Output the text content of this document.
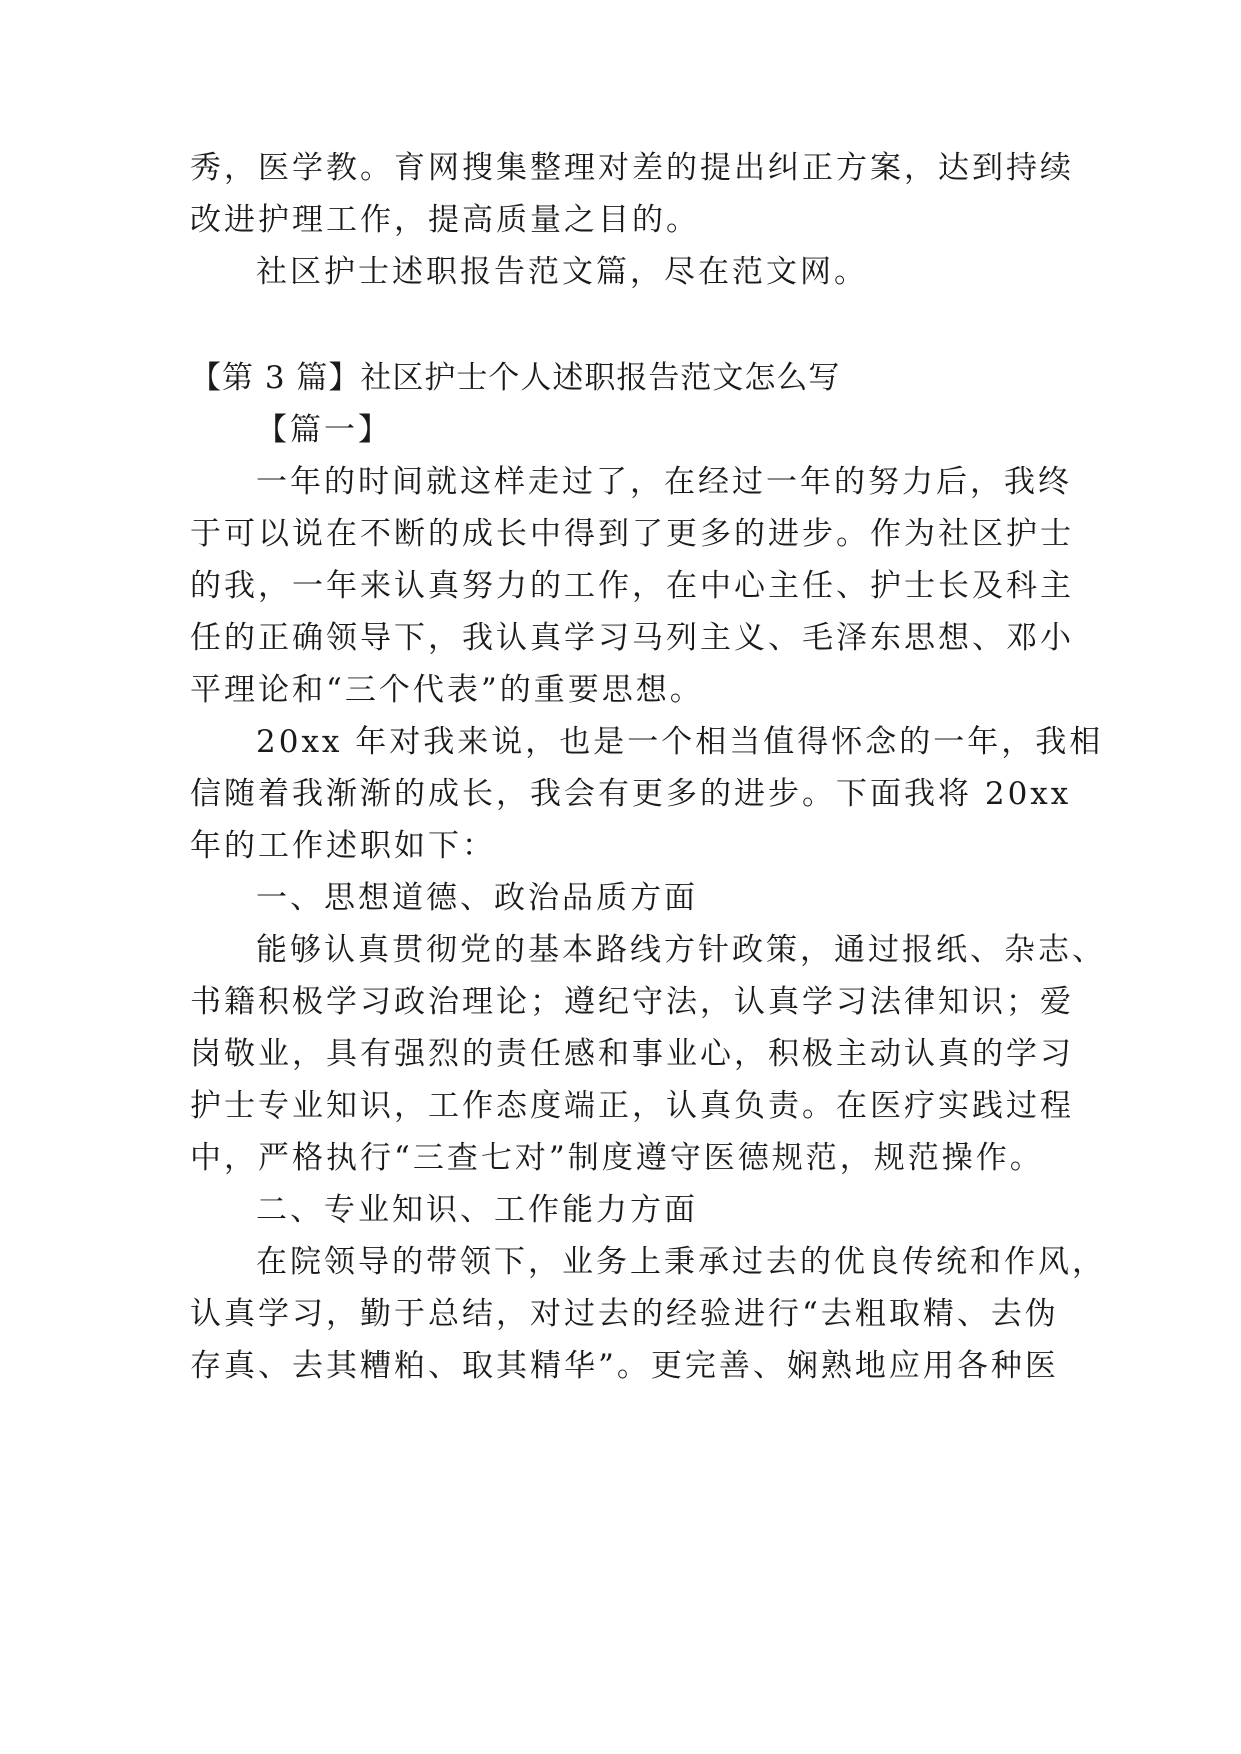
秀，医学教。育网搜集整理对差的提出纠正方案，达到持续
改进护理工作，提高质量之目的。
社区护士述职报告范文篇，尽在范文网。
【第 3 篇】社区护士个人述职报告范文怎么写
【篇一】
一年的时间就这样走过了，在经过一年的努力后，我终
于可以说在不断的成长中得到了更多的进步。作为社区护士
的我，一年来认真努力的工作，在中心主任、护士长及科主
任的正确领导下，我认真学习马列主义、毛泽东思想、邓小
平理论和“三个代表”的重要思想。
20xx 年对我来说，也是一个相当值得怀念的一年，我相
信随着我渐渐的成长，我会有更多的进步。下面我将 20xx
年的工作述职如下：
一、思想道德、政治品质方面
能够认真贯彻党的基本路线方针政策，通过报纸、杂志、
书籍积极学习政治理论；遵纪守法，认真学习法律知识；爱
岗敬业，具有强烈的责任感和事业心，积极主动认真的学习
护士专业知识，工作态度端正，认真负责。在医疗实践过程
中，严格执行“三查七对”制度遵守医德规范，规范操作。
二、专业知识、工作能力方面
在院领导的带领下，业务上秉承过去的优良传统和作风，
认真学习，勤于总结，对过去的经验进行“去粗取精、去伪
存真、去其糟粕、取其精华”。更完善、娴熟地应用各种医
